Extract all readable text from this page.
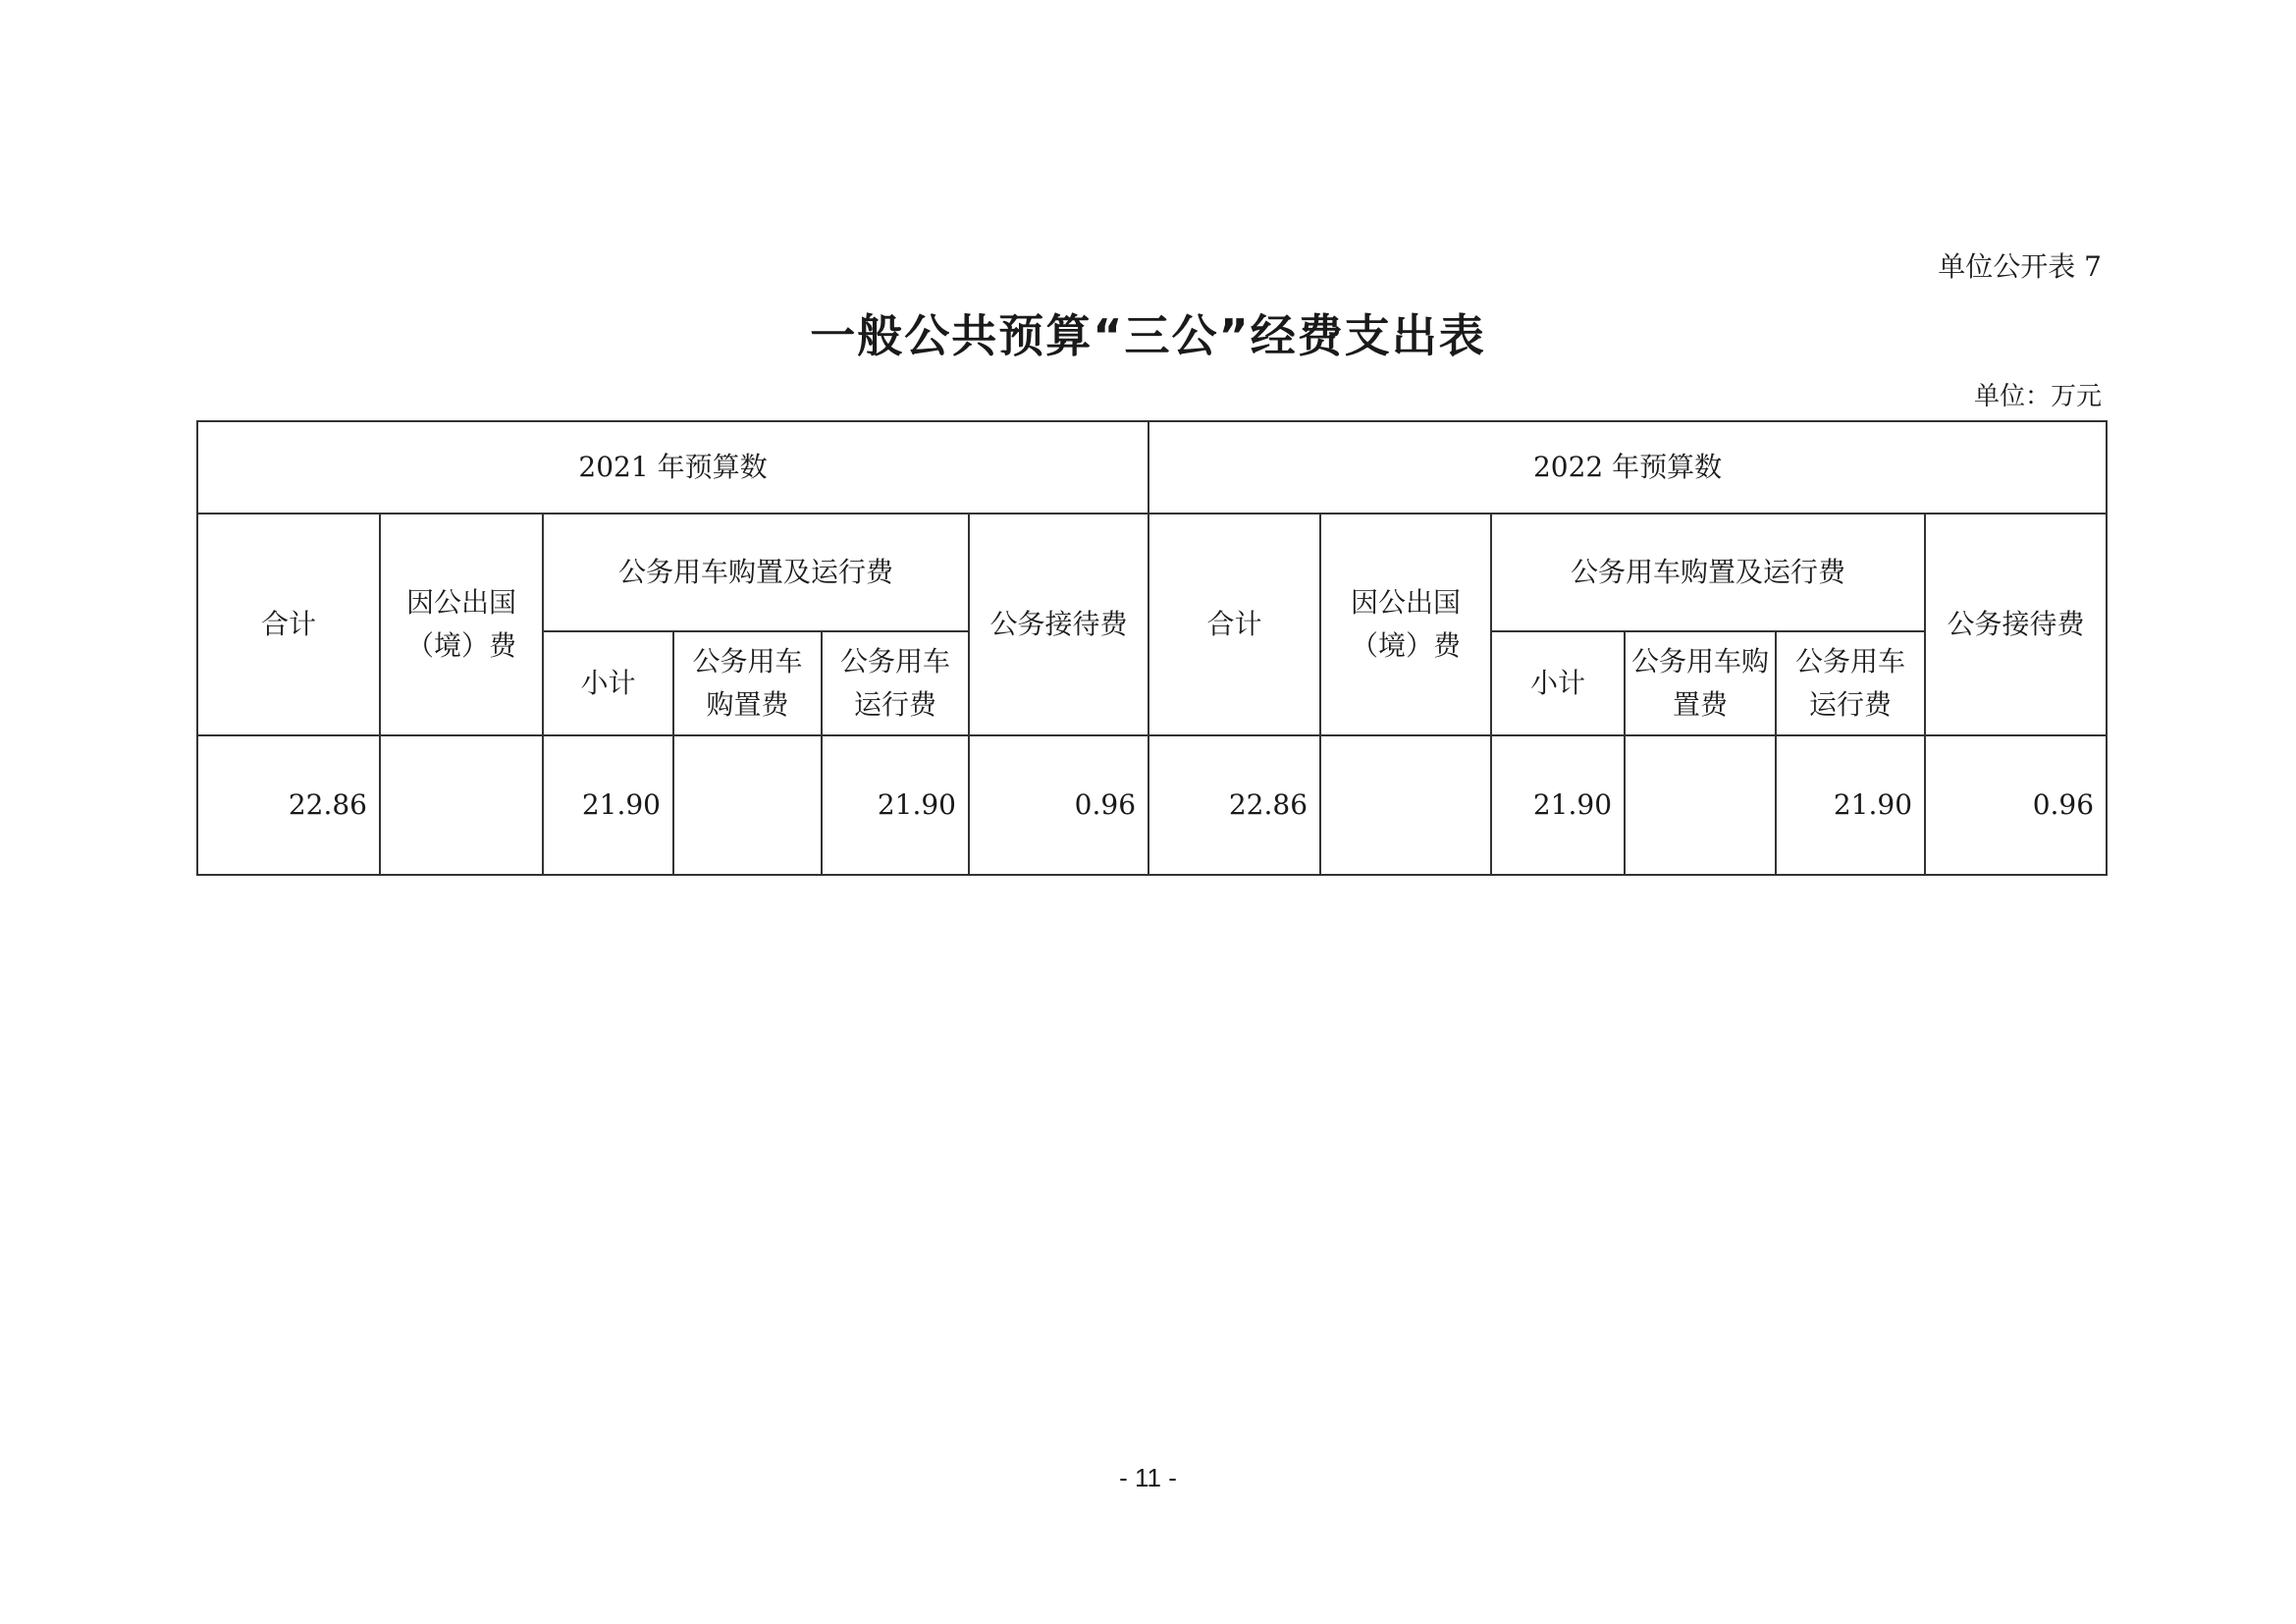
单位公开表 7
一般公共预算“三公”经费支出表
单位：万元
2021 年预算数						2022 年预算数					
合计	因公出国（境）费	公务用车购置及运行费			公务接待费	合计	因公出国（境）费	公务用车购置及运行费			公务接待费
		小计	公务用车购置费	公务用车运行费				小计	公务用车购置费	公务用车运行费	
22.86		21.90		21.90	0.96	22.86		21.90		21.90	0.96
- 11 -
